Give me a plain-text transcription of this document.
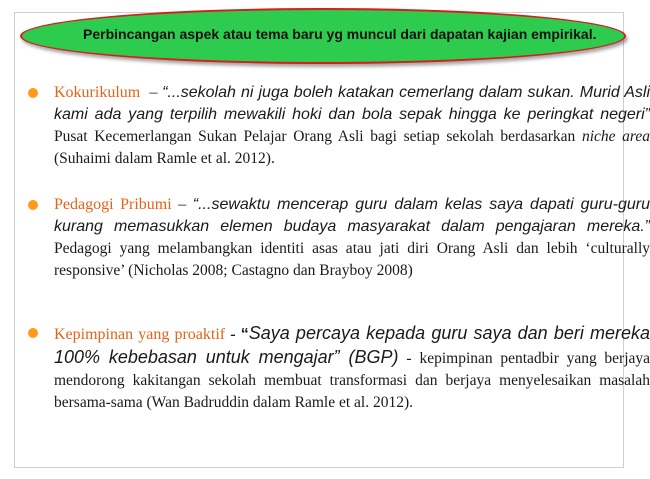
Perbincangan aspek atau tema baru yg muncul dari dapatan kajian empirikal.
Kokurikulum – “...sekolah ni juga boleh katakan cemerlang dalam sukan. Murid Asli kami ada yang terpilih mewakili hoki dan bola sepak hingga ke peringkat negeri” Pusat Kecemerlangan Sukan Pelajar Orang Asli bagi setiap sekolah berdasarkan niche area (Suhaimi dalam Ramle et al. 2012).
Pedagogi Pribumi – “...sewaktu mencerap guru dalam kelas saya dapati guru-guru kurang memasukkan elemen budaya masyarakat dalam pengajaran mereka.” Pedagogi yang melambangkan identiti asas atau jati diri Orang Asli dan lebih ‘culturally responsive’ (Nicholas 2008; Castagno dan Brayboy 2008)
Kepimpinan yang proaktif - “Saya percaya kepada guru saya dan beri mereka 100% kebebasan untuk mengajar” (BGP) - kepimpinan pentadbir yang berjaya mendorong kakitangan sekolah membuat transformasi dan berjaya menyelesaikan masalah bersama-sama (Wan Badruddin dalam Ramle et al. 2012).
